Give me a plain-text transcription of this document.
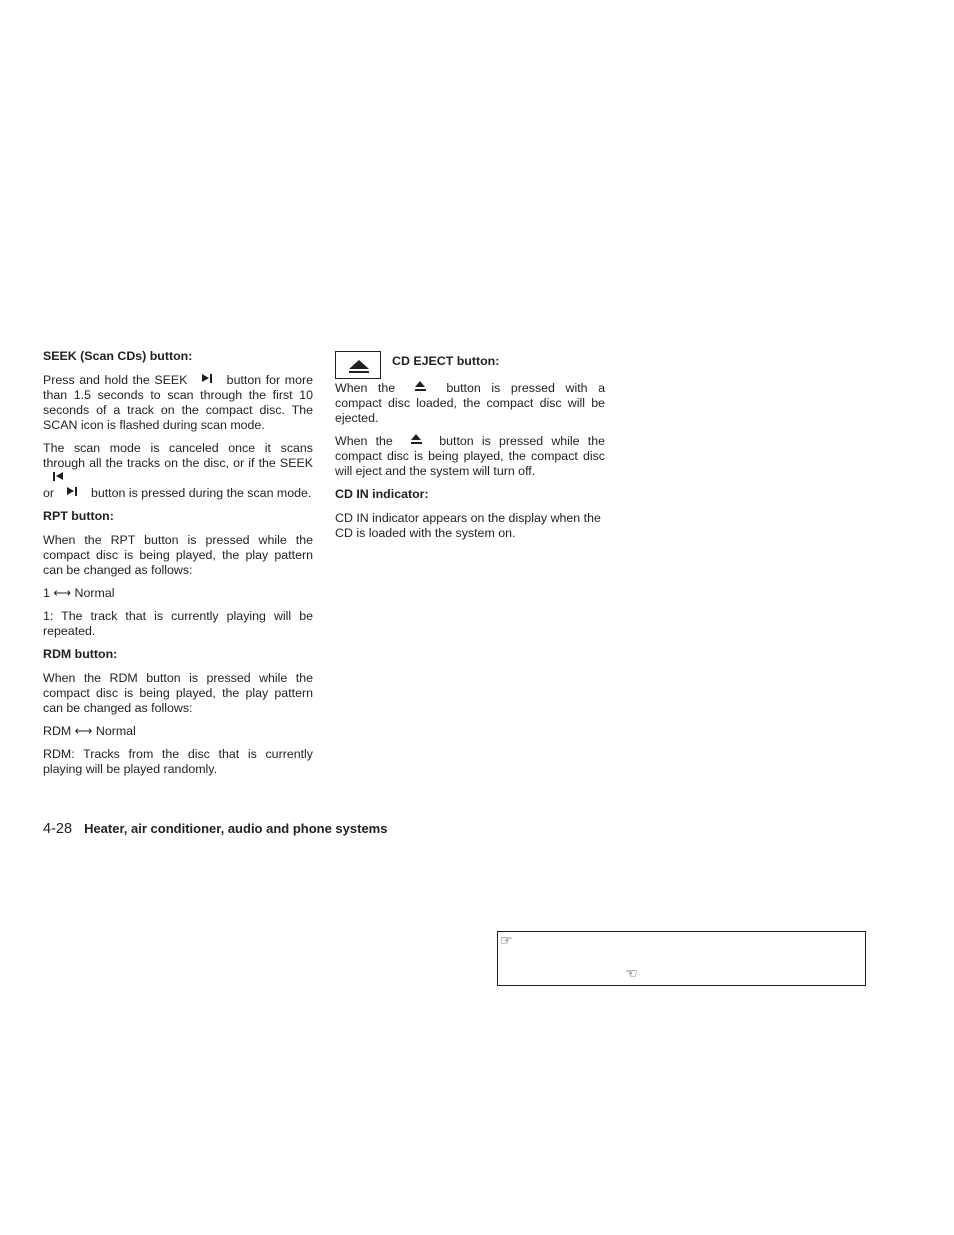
SEEK (Scan CDs) button:
Press and hold the SEEK	button for more than 1.5 seconds to scan through the first 10 seconds of a track on the compact disc. The SCAN icon is flashed during scan mode.
The scan mode is canceled once it scans through all the tracks on the disc, or if the SEEK
or	button is pressed during the scan mode.
RPT button:
When the RPT button is pressed while the compact disc is being played, the play pattern can be changed as follows:
1 ⟷ Normal
1: The track that is currently playing will be repeated.
RDM button:
When the RDM button is pressed while the compact disc is being played, the play pattern can be changed as follows:
RDM ⟷ Normal
RDM: Tracks from the disc that is currently playing will be played randomly.
CD EJECT button:
When the	button is pressed with a compact disc loaded, the compact disc will be ejected.
When the	button is pressed while the compact disc is being played, the compact disc will eject and the system will turn off.
CD IN indicator:
CD IN indicator appears on the display when the CD is loaded with the system on.
4-28 Heater, air conditioner, audio and phone systems
☞
☜
